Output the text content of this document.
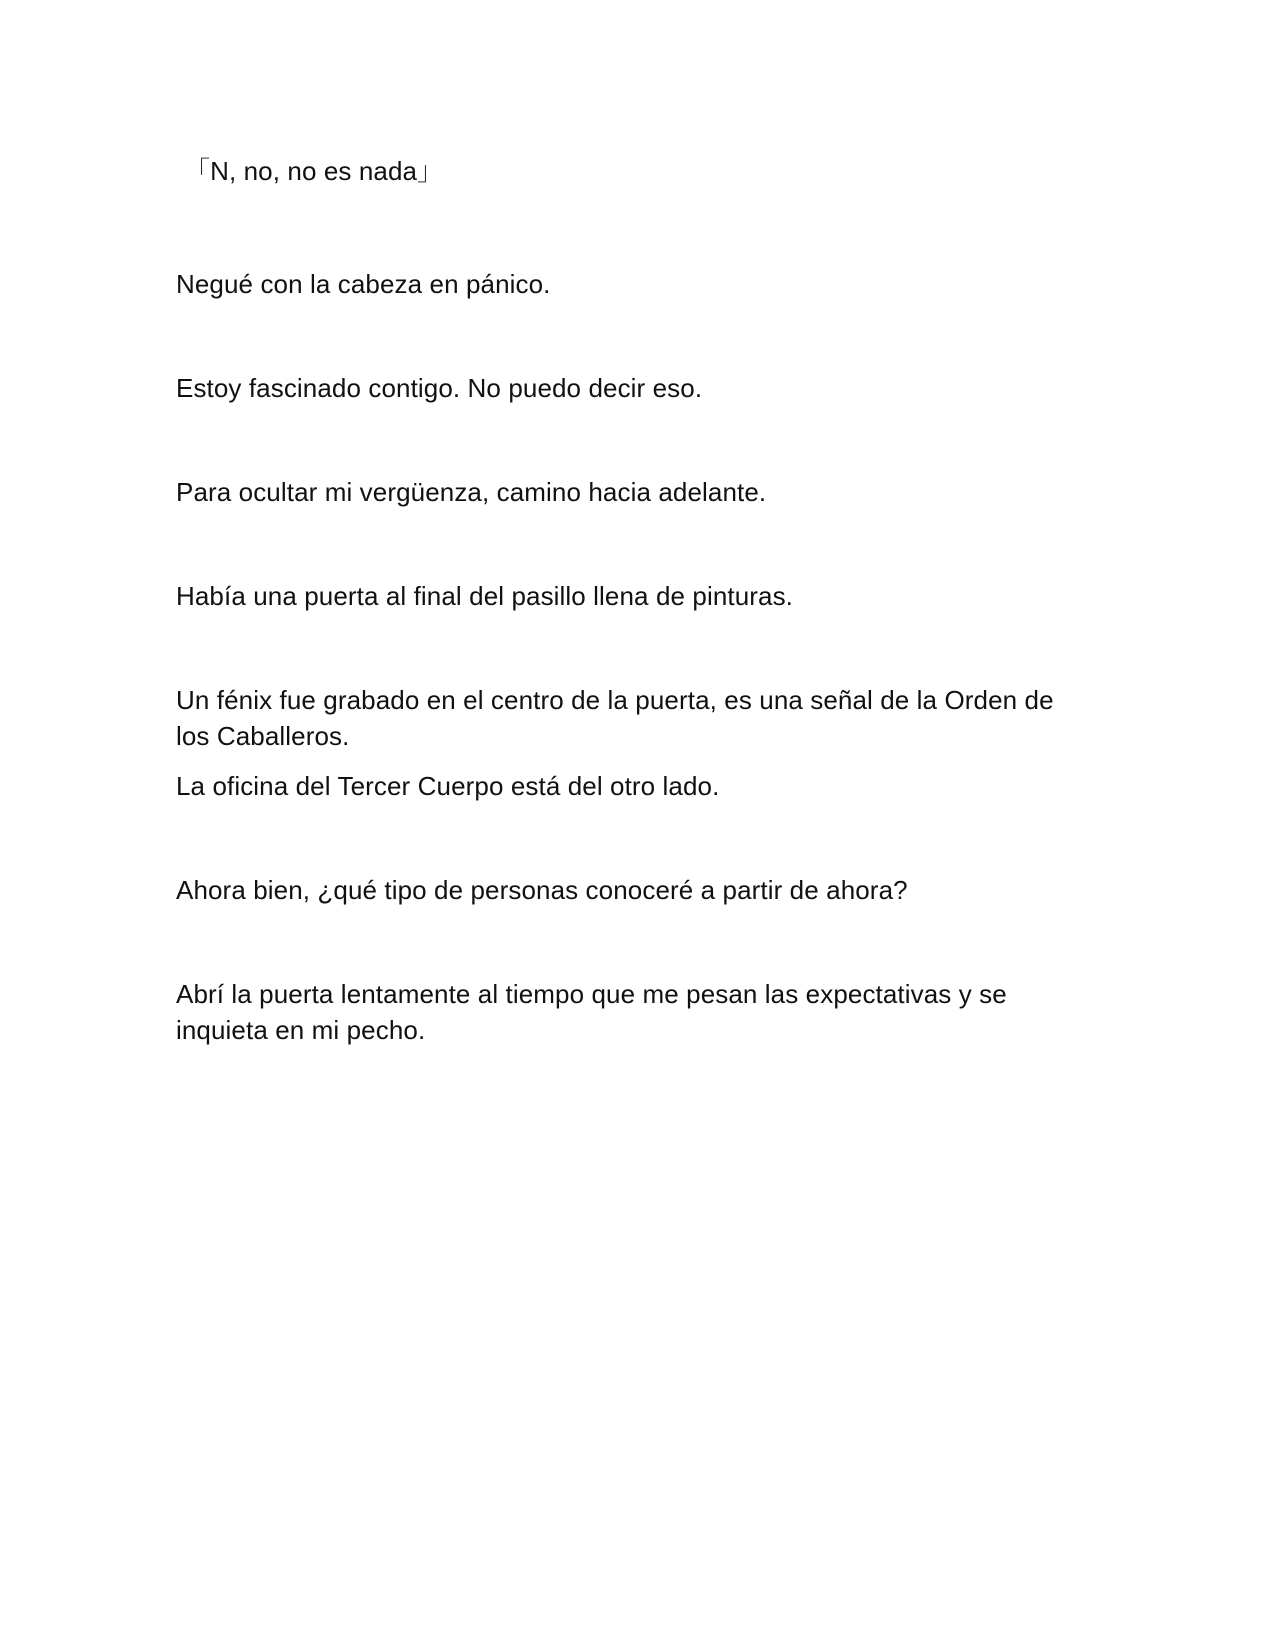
「N, no, no es nada」

Negué con la cabeza en pánico.

Estoy fascinado contigo. No puedo decir eso.

Para ocultar mi vergüenza, camino hacia adelante.

Había una puerta al final del pasillo llena de pinturas.

Un fénix fue grabado en el centro de la puerta, es una señal de la Orden de los Caballeros.

La oficina del Tercer Cuerpo está del otro lado.

Ahora bien, ¿qué tipo de personas conoceré a partir de ahora?

Abrí la puerta lentamente al tiempo que me pesan las expectativas y se inquieta en mi pecho.
